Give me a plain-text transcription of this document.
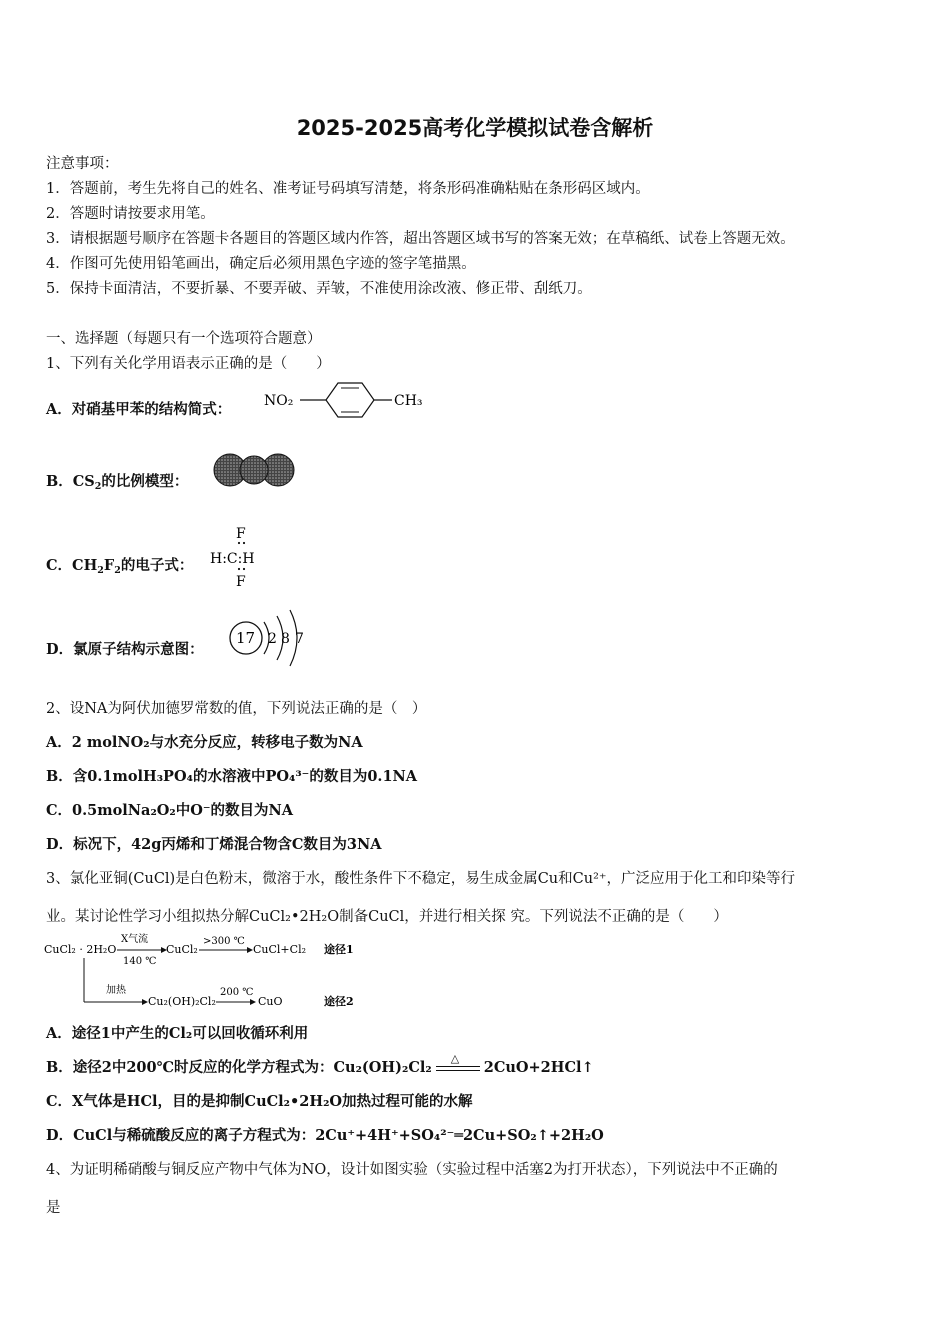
2025-2025高考化学模拟试卷含解析
注意事项：
1．答题前，考生先将自己的姓名、准考证号码填写清楚，将条形码准确粘贴在条形码区域内。
2．答题时请按要求用笔。
3．请根据题号顺序在答题卡各题目的答题区域内作答，超出答题区域书写的答案无效；在草稿纸、试卷上答题无效。
4．作图可先使用铅笔画出，确定后必须用黑色字迹的签字笔描黑。
5．保持卡面清洁，不要折暴、不要弄破、弄皱，不准使用涂改液、修正带、刮纸刀。
一、选择题（每题只有一个选项符合题意）
1、下列有关化学用语表示正确的是（　　）
A．对硝基甲苯的结构简式： NO₂	CH₃
B．$CS_2$的比例模型：
C．$CH_2F_2$的电子式：
F
H:C:H
F
D．氯原子结构示意图：
17 2 8 7
2、设NA为阿伏加德罗常数的值，下列说法正确的是（　）
A．2 molNO₂与水充分反应，转移电子数为NA
B．含0.1molH₃PO₄的水溶液中PO₄³⁻的数目为0.1NA
C．0.5molNa₂O₂中O⁻的数目为NA
D．标况下，42g丙烯和丁烯混合物含C数目为3NA
3、氯化亚铜(CuCl)是白色粉末，微溶于水，酸性条件下不稳定，易生成金属Cu和Cu²⁺，广泛应用于化工和印染等行
业。某讨论性学习小组拟热分解CuCl₂•2H₂O制备CuCl，并进行相关探 究。下列说法不正确的是（　　）
CuCl₂ · 2H₂O
X气流
140 ℃
CuCl₂
>300 ℃
CuCl+Cl₂ 途径1
加热
Cu₂(OH)₂Cl₂
200 ℃
CuO	途径2
A．途径1中产生的Cl₂可以回收循环利用
B．途径2中200℃时反应的化学方程式为：Cu₂(OH)₂Cl₂
△
2CuO+2HCl↑
C．X气体是HCl，目的是抑制CuCl₂•2H₂O加热过程可能的水解
D．CuCl与稀硫酸反应的离子方程式为：2Cu⁺+4H⁺+SO₄²⁻═2Cu+SO₂↑+2H₂O
4、为证明稀硝酸与铜反应产物中气体为NO，设计如图实验（实验过程中活塞2为打开状态），下列说法中不正确的
是
